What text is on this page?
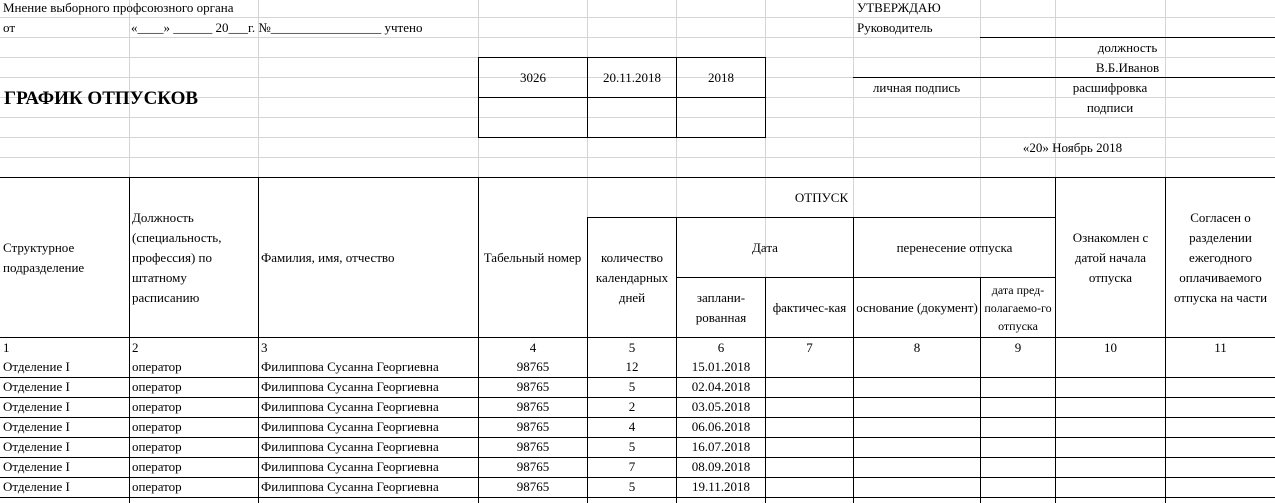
Мнение выборного профсоюзного органа
от	«____» ______ 20___г. №_________________ учтено
УТВЕРЖДАЮ
Руководитель
должность
В.Б.Иванов
личная подпись	расшифровка
подписи
«20» Ноябрь 2018
ГРАФИК ОТПУСКОВ
3026	20.11.2018	2018
Структурное подразделение
Должность (специальность, профессия) по штатному расписанию
Фамилия, имя, отчество	Табельный номер
ОТПУСК
количество календарных дней
Дата
заплани-рованная
фактичес-кая
перенесение отпуска
основание (документ)
дата пред-полагаемо-го отпуска
Ознакомлен с датой начала отпуска
Согласен о разделении ежегодного оплачиваемого отпуска на части
1	2	3	4	5	6	7	8	9	10	11
Отделение I	оператор	Филиппова Сусанна Георгиевна	98765	12	15.01.2018
Отделение I	оператор	Филиппова Сусанна Георгиевна	98765	5	02.04.2018
Отделение I	оператор	Филиппова Сусанна Георгиевна	98765	2	03.05.2018
Отделение I	оператор	Филиппова Сусанна Георгиевна	98765	4	06.06.2018
Отделение I	оператор	Филиппова Сусанна Георгиевна	98765	5	16.07.2018
Отделение I	оператор	Филиппова Сусанна Георгиевна	98765	7	08.09.2018
Отделение I	оператор	Филиппова Сусанна Георгиевна	98765	5	19.11.2018
